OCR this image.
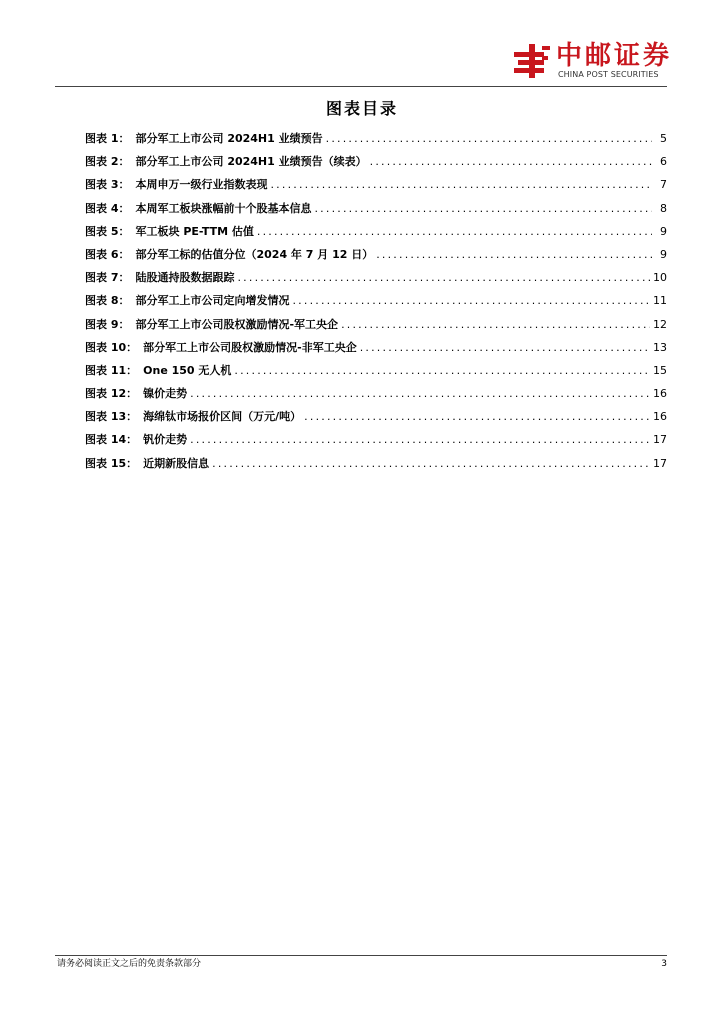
中邮证券
CHINA POST SECURITIES
图表目录
图表 1： 部分军工上市公司 2024H1 业绩预告 .....	5
图表 2： 部分军工上市公司 2024H1 业绩预告（续表） .....	6
图表 3： 本周申万一级行业指数表现 .....	7
图表 4： 本周军工板块涨幅前十个股基本信息 .....	8
图表 5： 军工板块 PE-TTM 估值 .....	9
图表 6： 部分军工标的估值分位（2024 年 7 月 12 日） .....	9
图表 7： 陆股通持股数据跟踪 .....	10
图表 8： 部分军工上市公司定向增发情况 .....	11
图表 9： 部分军工上市公司股权激励情况-军工央企 .....	12
图表 10： 部分军工上市公司股权激励情况-非军工央企 .....	13
图表 11： One 150 无人机 .....	15
图表 12： 镍价走势 .....	16
图表 13： 海绵钛市场报价区间（万元/吨） .....	16
图表 14： 钒价走势 .....	17
图表 15： 近期新股信息 .....	17
请务必阅读正文之后的免责条款部分	3
